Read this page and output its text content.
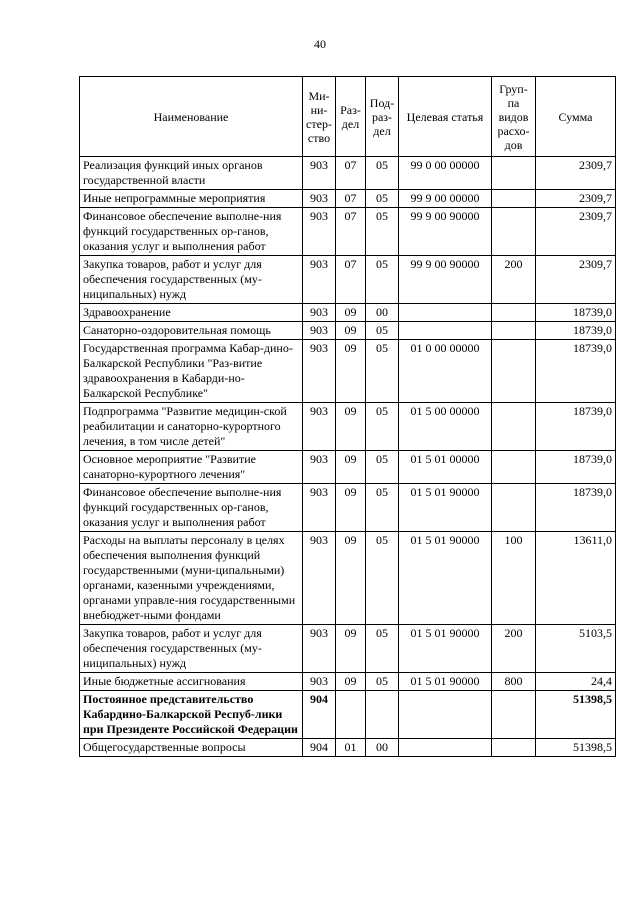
40
Наименование	Ми-ни-стер-ство	Раз-дел	Под-раз-дел	Целевая статья	Груп-па видов расхо-дов	Сумма
Реализация функций иных органов государственной власти	903	07	05	99 0 00 00000		2309,7
Иные непрограммные мероприятия	903	07	05	99 9 00 00000		2309,7
Финансовое обеспечение выполне-ния функций государственных ор-ганов, оказания услуг и выполнения работ	903	07	05	99 9 00 90000		2309,7
Закупка товаров, работ и услуг для обеспечения государственных (му-ниципальных) нужд	903	07	05	99 9 00 90000	200	2309,7
Здравоохранение	903	09	00			18739,0
Санаторно-оздоровительная помощь	903	09	05			18739,0
Государственная программа Кабар-дино-Балкарской Республики "Раз-витие здравоохранения в Кабарди-но-Балкарской Республике"	903	09	05	01 0 00 00000		18739,0
Подпрограмма "Развитие медицин-ской реабилитации и санаторно-курортного лечения, в том числе детей"	903	09	05	01 5 00 00000		18739,0
Основное мероприятие "Развитие санаторно-курортного лечения"	903	09	05	01 5 01 00000		18739,0
Финансовое обеспечение выполне-ния функций государственных ор-ганов, оказания услуг и выполнения работ	903	09	05	01 5 01 90000		18739,0
Расходы на выплаты персоналу в целях обеспечения выполнения функций государственными (муни-ципальными) органами, казенными учреждениями, органами управле-ния государственными внебюджет-ными фондами	903	09	05	01 5 01 90000	100	13611,0
Закупка товаров, работ и услуг для обеспечения государственных (му-ниципальных) нужд	903	09	05	01 5 01 90000	200	5103,5
Иные бюджетные ассигнования	903	09	05	01 5 01 90000	800	24,4
Постоянное представительство Кабардино-Балкарской Респуб-лики при Президенте Российской Федерации	904					51398,5
Общегосударственные вопросы	904	01	00			51398,5
